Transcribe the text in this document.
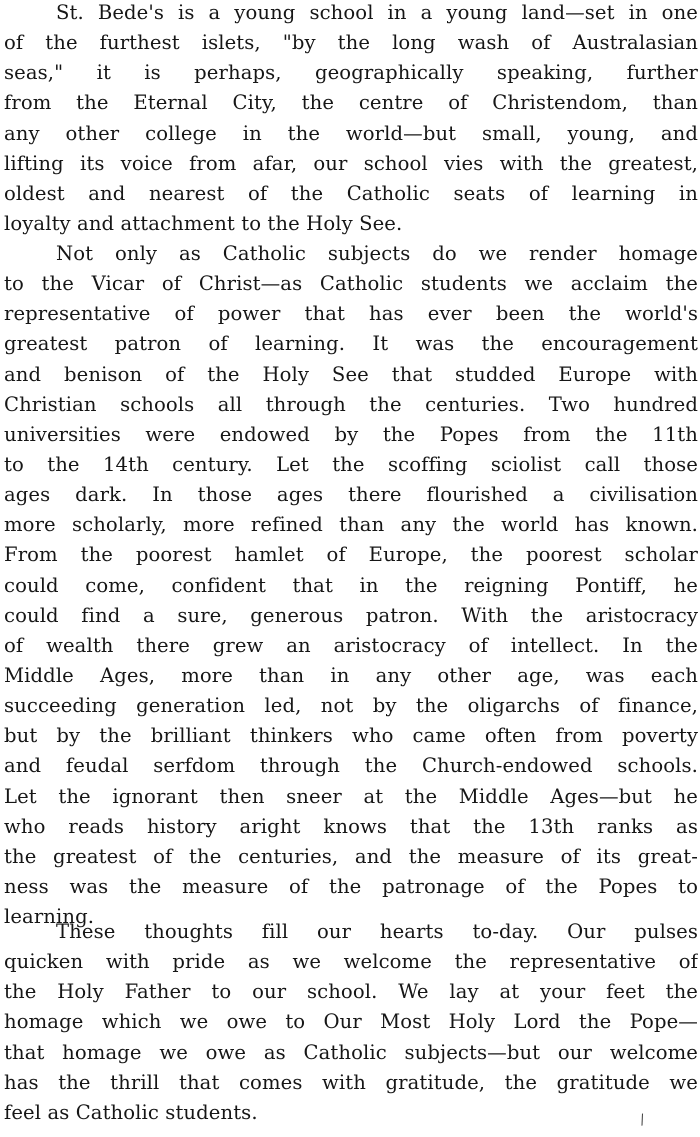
St. Bede's is a young school in a young land—set in one
of the furthest islets, "by the long wash of Australasian
seas," it is perhaps, geographically speaking, further
from the Eternal City, the centre of Christendom, than
any other college in the world—but small, young, and
lifting its voice from afar, our school vies with the greatest,
oldest and nearest of the Catholic seats of learning in
loyalty and attachment to the Holy See.
Not only as Catholic subjects do we render homage
to the Vicar of Christ—as Catholic students we acclaim the
representative of power that has ever been the world's
greatest patron of learning. It was the encouragement
and benison of the Holy See that studded Europe with
Christian schools all through the centuries. Two hundred
universities were endowed by the Popes from the 11th
to the 14th century. Let the scoffing sciolist call those
ages dark. In those ages there flourished a civilisation
more scholarly, more refined than any the world has known.
From the poorest hamlet of Europe, the poorest scholar
could come, confident that in the reigning Pontiff, he
could find a sure, generous patron. With the aristocracy
of wealth there grew an aristocracy of intellect. In the
Middle Ages, more than in any other age, was each
succeeding generation led, not by the oligarchs of finance,
but by the brilliant thinkers who came often from poverty
and feudal serfdom through the Church-endowed schools.
Let the ignorant then sneer at the Middle Ages—but he
who reads history aright knows that the 13th ranks as
the greatest of the centuries, and the measure of its great-
ness was the measure of the patronage of the Popes to
learning.
These thoughts fill our hearts to-day. Our pulses
quicken with pride as we welcome the representative of
the Holy Father to our school. We lay at your feet the
homage which we owe to Our Most Holy Lord the Pope—
that homage we owe as Catholic subjects—but our welcome
has the thrill that comes with gratitude, the gratitude we
feel as Catholic students.	/
